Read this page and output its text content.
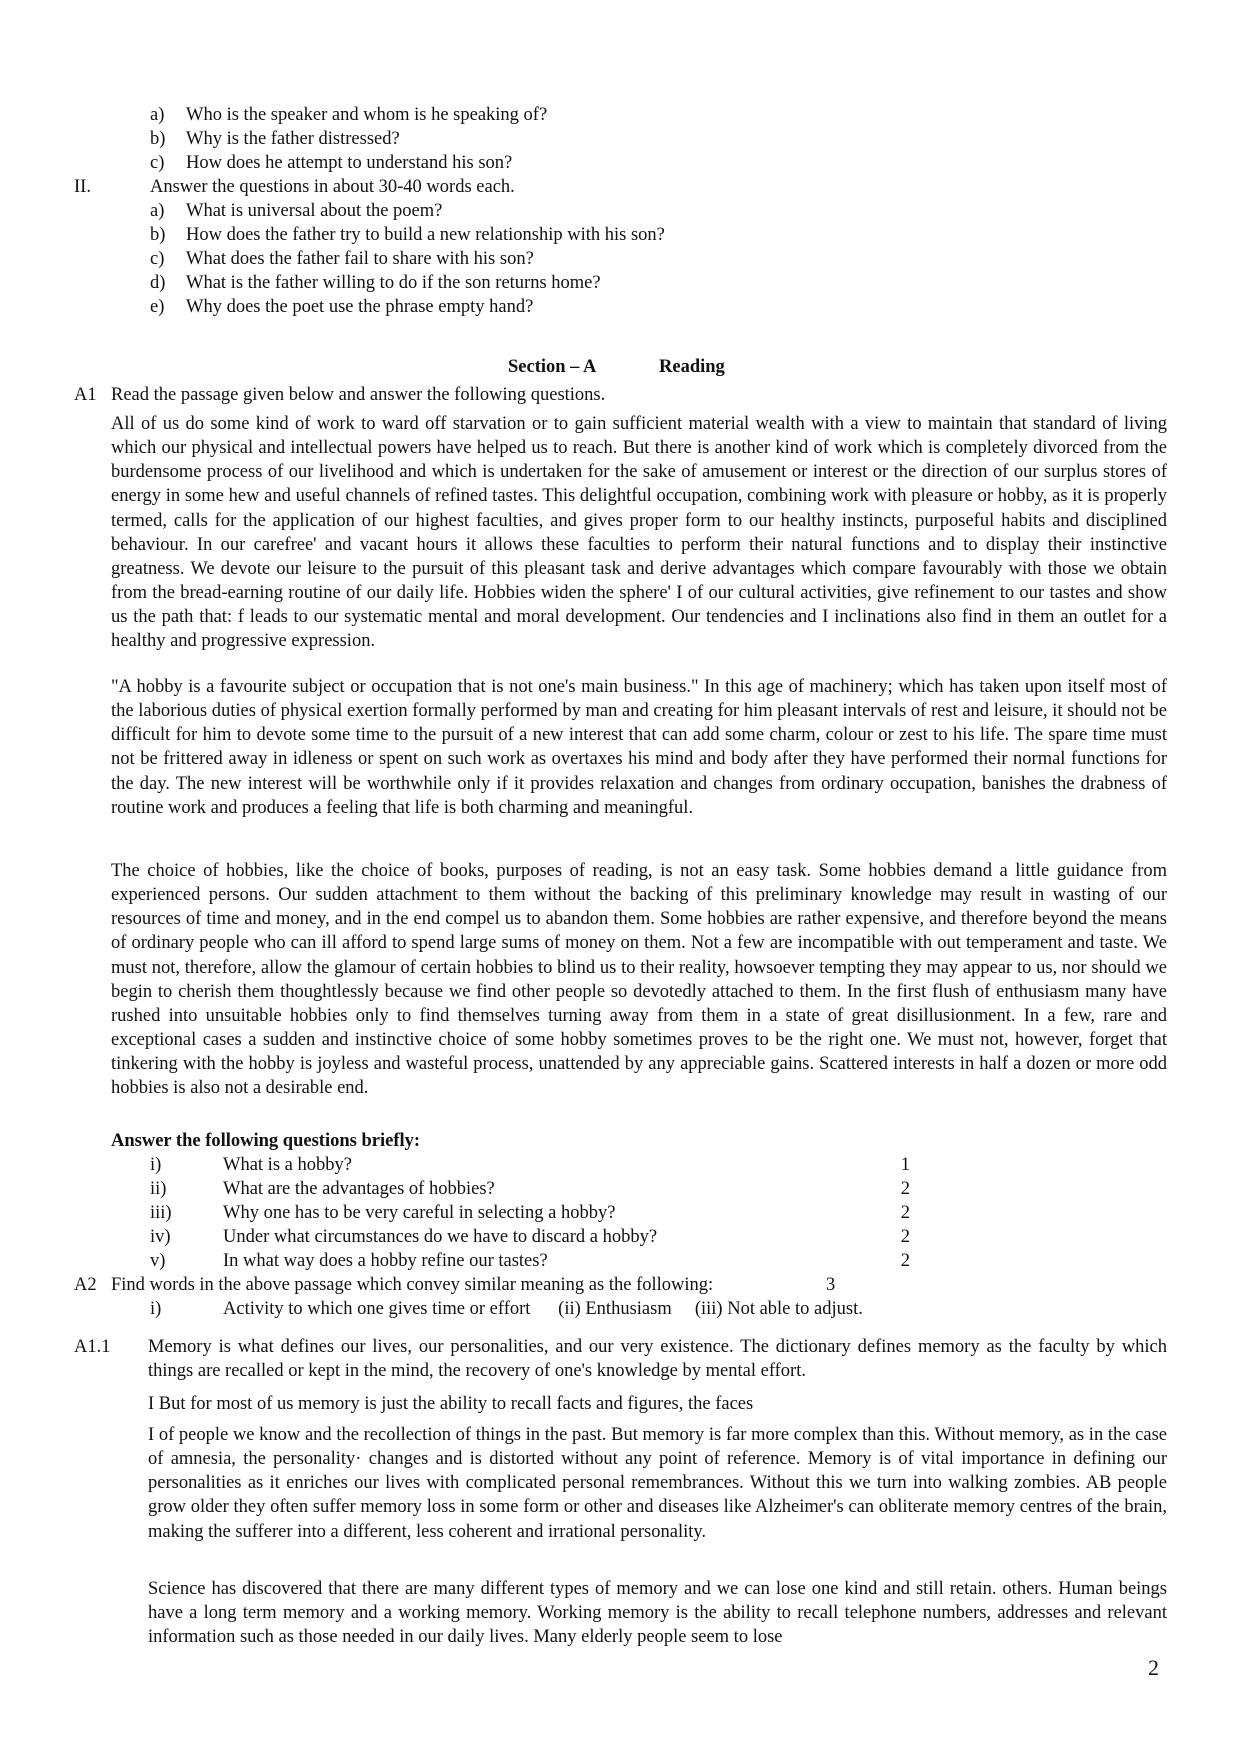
a)	Who is the speaker and whom is he speaking of?
b)	Why is the father distressed?
c)	How does he attempt to understand his son?
II.	Answer the questions in about 30-40 words each.
a)	What is universal about the poem?
b)	How does the father try to build a new relationship with his son?
c)	What does the father fail to share with his son?
d)	What is the father willing to do if the son returns home?
e)	Why does the poet use the phrase empty hand?
Section – A	Reading
A1 Read the passage given below and answer the following questions.
All of us do some kind of work to ward off starvation or to gain sufficient material wealth with a view to maintain that standard of living which our physical and intellectual powers have helped us to reach. But there is another kind of work which is completely divorced from the burdensome process of our livelihood and which is undertaken for the sake of amusement or interest or the direction of our surplus stores of energy in some hew and useful channels of refined tastes. This delightful occupation, combining work with pleasure or hobby, as it is properly termed, calls for the application of our highest faculties, and gives proper form to our healthy instincts, purposeful habits and disciplined behaviour. In our carefree' and vacant hours it allows these faculties to perform their natural functions and to display their instinctive greatness. We devote our leisure to the pursuit of this pleasant task and derive advantages which compare favourably with those we obtain from the bread-earning routine of our daily life. Hobbies widen the sphere' I of our cultural activities, give refinement to our tastes and show us the path that: f leads to our systematic mental and moral development. Our tendencies and I inclinations also find in them an outlet for a healthy and progressive expression.
"A hobby is a favourite subject or occupation that is not one's main business." In this age of machinery; which has taken upon itself most of the laborious duties of physical exertion formally performed by man and creating for him pleasant intervals of rest and leisure, it should not be difficult for him to devote some time to the pursuit of a new interest that can add some charm, colour or zest to his life. The spare time must not be frittered away in idleness or spent on such work as overtaxes his mind and body after they have performed their normal functions for the day. The new interest will be worthwhile only if it provides relaxation and changes from ordinary occupation, banishes the drabness of routine work and produces a feeling that life is both charming and meaningful.
The choice of hobbies, like the choice of books, purposes of reading, is not an easy task. Some hobbies demand a little guidance from experienced persons. Our sudden attachment to them without the backing of this preliminary knowledge may result in wasting of our resources of time and money, and in the end compel us to abandon them. Some hobbies are rather expensive, and therefore beyond the means of ordinary people who can ill afford to spend large sums of money on them. Not a few are incompatible with out temperament and taste. We must not, therefore, allow the glamour of certain hobbies to blind us to their reality, howsoever tempting they may appear to us, nor should we begin to cherish them thoughtlessly because we find other people so devotedly attached to them. In the first flush of enthusiasm many have rushed into unsuitable hobbies only to find themselves turning away from them in a state of great disillusionment. In a few, rare and exceptional cases a sudden and instinctive choice of some hobby sometimes proves to be the right one. We must not, however, forget that tinkering with the hobby is joyless and wasteful process, unattended by any appreciable gains. Scattered interests in half a dozen or more odd hobbies is also not a desirable end.
Answer the following questions briefly:
i)	What is a hobby?	1
ii)	What are the advantages of hobbies?	2
iii)	Why one has to be very careful in selecting a hobby?	2
iv)	Under what circumstances do we have to discard a hobby?	2
v)	In what way does a hobby refine our tastes?	2
A2 Find words in the above passage which convey similar meaning as the following:	3
i)	Activity to which one gives time or effort      (ii) Enthusiasm     (iii) Not able to adjust.
A1.1 Memory is what defines our lives, our personalities, and our very existence. The dictionary defines memory as the faculty by which things are recalled or kept in the mind, the recovery of one's knowledge by mental effort.
I But for most of us memory is just the ability to recall facts and figures, the faces
I of people we know and the recollection of things in the past. But memory is far more complex than this. Without memory, as in the case of amnesia, the personality· changes and is distorted without any point of reference. Memory is of vital importance in defining our personalities as it enriches our lives with complicated personal remembrances. Without this we turn into walking zombies. AB people grow older they often suffer memory loss in some form or other and diseases like Alzheimer's can obliterate memory centres of the brain, making the sufferer into a different, less coherent and irrational personality.
Science has discovered that there are many different types of memory and we can lose one kind and still retain. others. Human beings have a long term memory and a working memory. Working memory is the ability to recall telephone numbers, addresses and relevant information such as those needed in our daily lives. Many elderly people seem to lose
2
